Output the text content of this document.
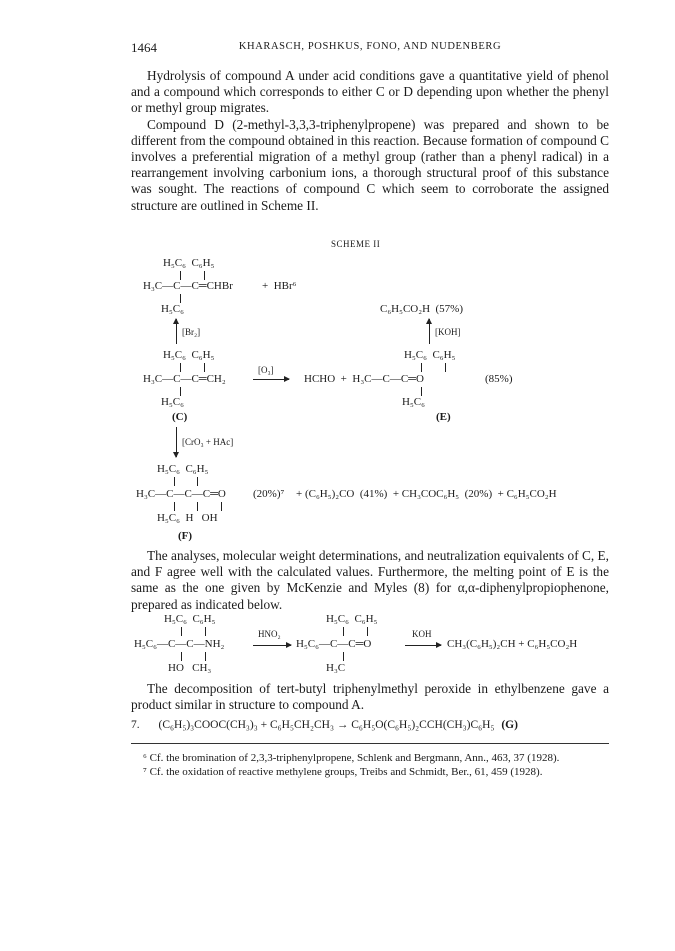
1464	KHARASCH, POSHKUS, FONO, AND NUDENBERG

Hydrolysis of compound A under acid conditions gave a quantitative yield of phenol and a compound which corresponds to either C or D depending upon whether the phenyl or methyl group migrates.

Compound D (2-methyl-3,3,3-triphenylpropene) was prepared and shown to be different from the compound obtained in this reaction. Because formation of compound C involves a preferential migration of a methyl group (rather than a phenyl radical) in a rearrangement involving carbonium ions, a thorough structural proof of this substance was sought. The reactions of compound C which seem to corroborate the assigned structure are outlined in Scheme II.

SCHEME II
H₅C₆  C₆H₅
H₃C—C—C═CHBr	+  HBr⁶
H₅C₆
[Br₂]
H₅C₆  C₆H₅
H₃C—C—C═CH₂
H₅C₆
(C)
[O₃]
HCHO  +  H₃C—C—C═O	(85%)
H₅C₆  C₆H₅
H₅C₆
(E)
C₆H₅CO₂H  (57%)
[KOH]
[CrO₃ + HAc]
H₅C₆  C₆H₅
H₃C—C—C—C═O (20%)⁷ + (C₆H₅)₂CO  (41%)  + CH₃COC₆H₅  (20%)  + C₆H₅CO₂H
H₅C₆  H   OH
(F)

The analyses, molecular weight determinations, and neutralization equivalents of C, E, and F agree well with the calculated values. Furthermore, the melting point of E is the same as the one given by McKenzie and Myles (8) for α,α-diphenylpropiophenone, prepared as indicated below.

H₅C₆  C₆H₅
H₅C₆—C—C—NH₂
HO   CH₃
HNO₂
H₅C₆  C₆H₅
H₅C₆—C—C═O
H₃C
KOH
CH₃(C₆H₅)₂CH + C₆H₅CO₂H

The decomposition of tert-butyl triphenylmethyl peroxide in ethylbenzene gave a product similar in structure to compound A.

7. (C₆H₅)₃COOC(CH₃)₃ + C₆H₅CH₂CH₃ → C₆H₅O(C₆H₅)₂CCH(CH₃)C₆H₅ (G)

⁶ Cf. the bromination of 2,3,3-triphenylpropene, Schlenk and Bergmann, Ann., 463, 37 (1928).

⁷ Cf. the oxidation of reactive methylene groups, Treibs and Schmidt, Ber., 61, 459 (1928).
